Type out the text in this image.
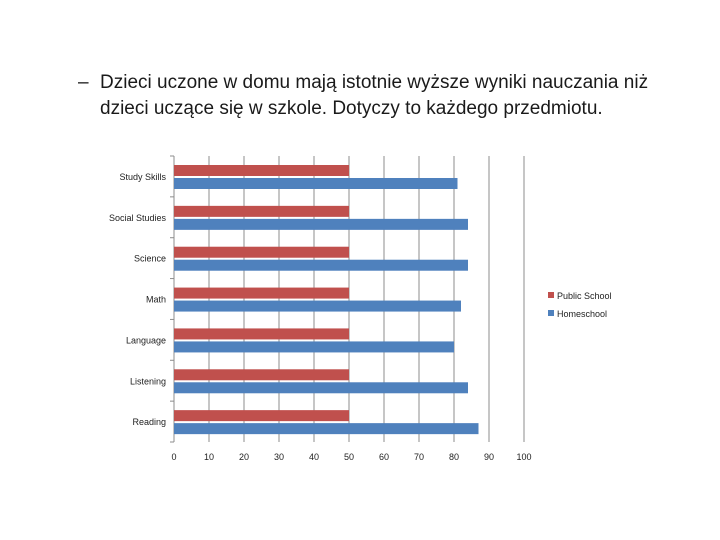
– Dzieci uczone w domu mają istotnie wyższe wyniki nauczania niż dzieci uczące się w szkole. Dotyczy to każdego przedmiotu.
Study Skills
Social Studies
Science
Math
Language
Listening
Reading
0	10	20	30	40	50	60	70	80	90 100
Public School
Homeschool
